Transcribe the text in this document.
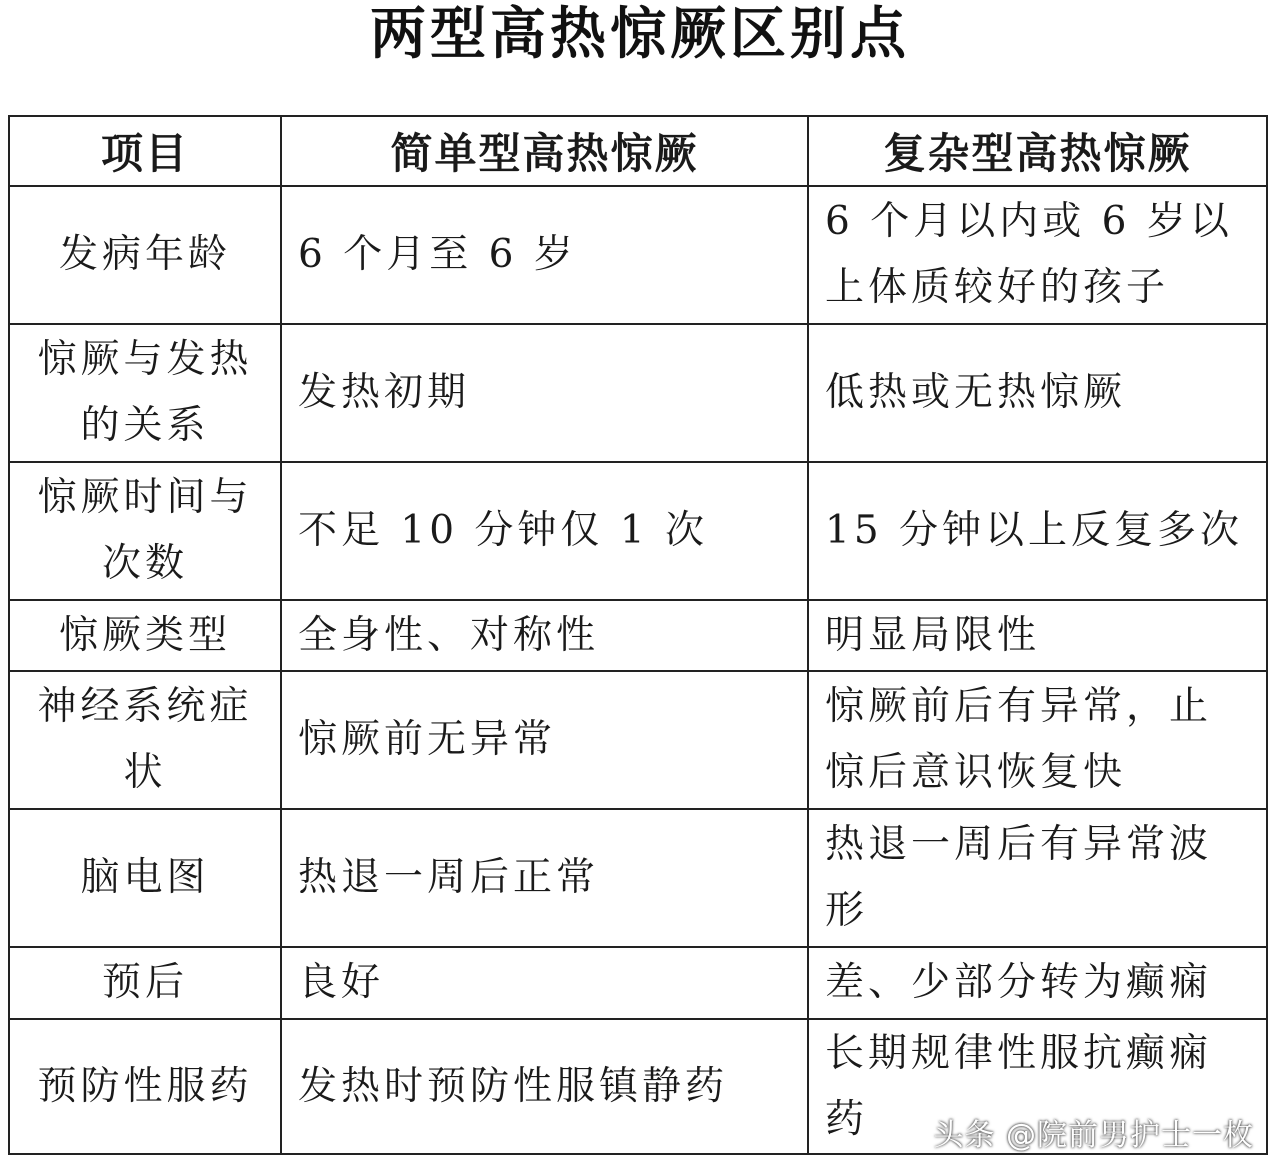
两型高热惊厥区别点
项目	简单型高热惊厥	复杂型高热惊厥
发病年龄	6 个月至 6 岁	6 个月以内或 6 岁以上体质较好的孩子
惊厥与发热的关系	发热初期	低热或无热惊厥
惊厥时间与次数	不足 10 分钟仅 1 次	15 分钟以上反复多次
惊厥类型	全身性、对称性	明显局限性
神经系统症状	惊厥前无异常	惊厥前后有异常，止惊后意识恢复快
脑电图	热退一周后正常	热退一周后有异常波形
预后	良好	差、少部分转为癫痫
预防性服药	发热时预防性服镇静药	长期规律性服抗癫痫药 头条 @院前男护士一枚
